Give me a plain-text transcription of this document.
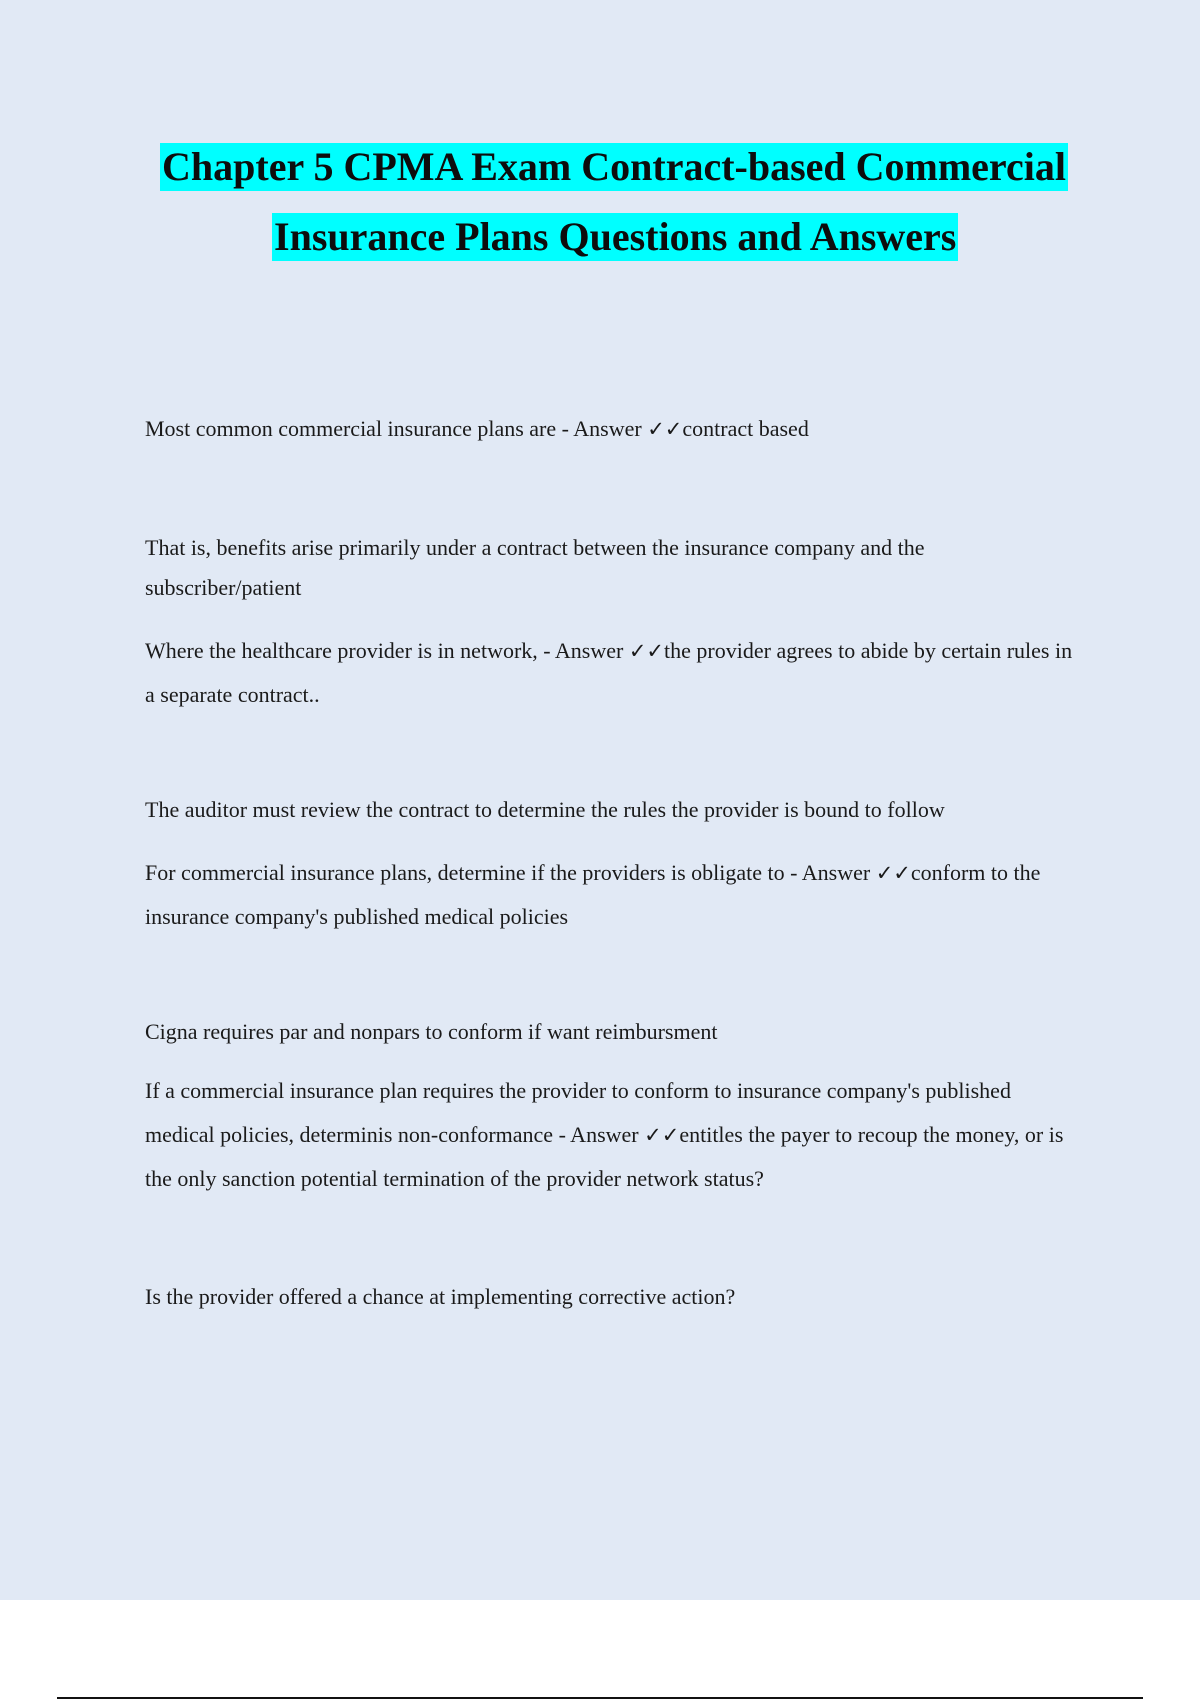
Chapter 5 CPMA Exam Contract-based Commercial
Insurance Plans Questions and Answers

Most common commercial insurance plans are - Answer ✓✓contract based

That is, benefits arise primarily under a contract between the insurance company and the subscriber/patient

Where the healthcare provider is in network, - Answer ✓✓the provider agrees to abide by certain rules in a separate contract..

The auditor must review the contract to determine the rules the provider is bound to follow

For commercial insurance plans, determine if the providers is obligate to - Answer ✓✓conform to the insurance company's published medical policies

Cigna requires par and nonpars to conform if want reimbursment

If a commercial insurance plan requires the provider to conform to insurance company's published medical policies, determinis non-conformance - Answer ✓✓entitles the payer to recoup the money, or is the only sanction potential termination of the provider network status?

Is the provider offered a chance at implementing corrective action?
